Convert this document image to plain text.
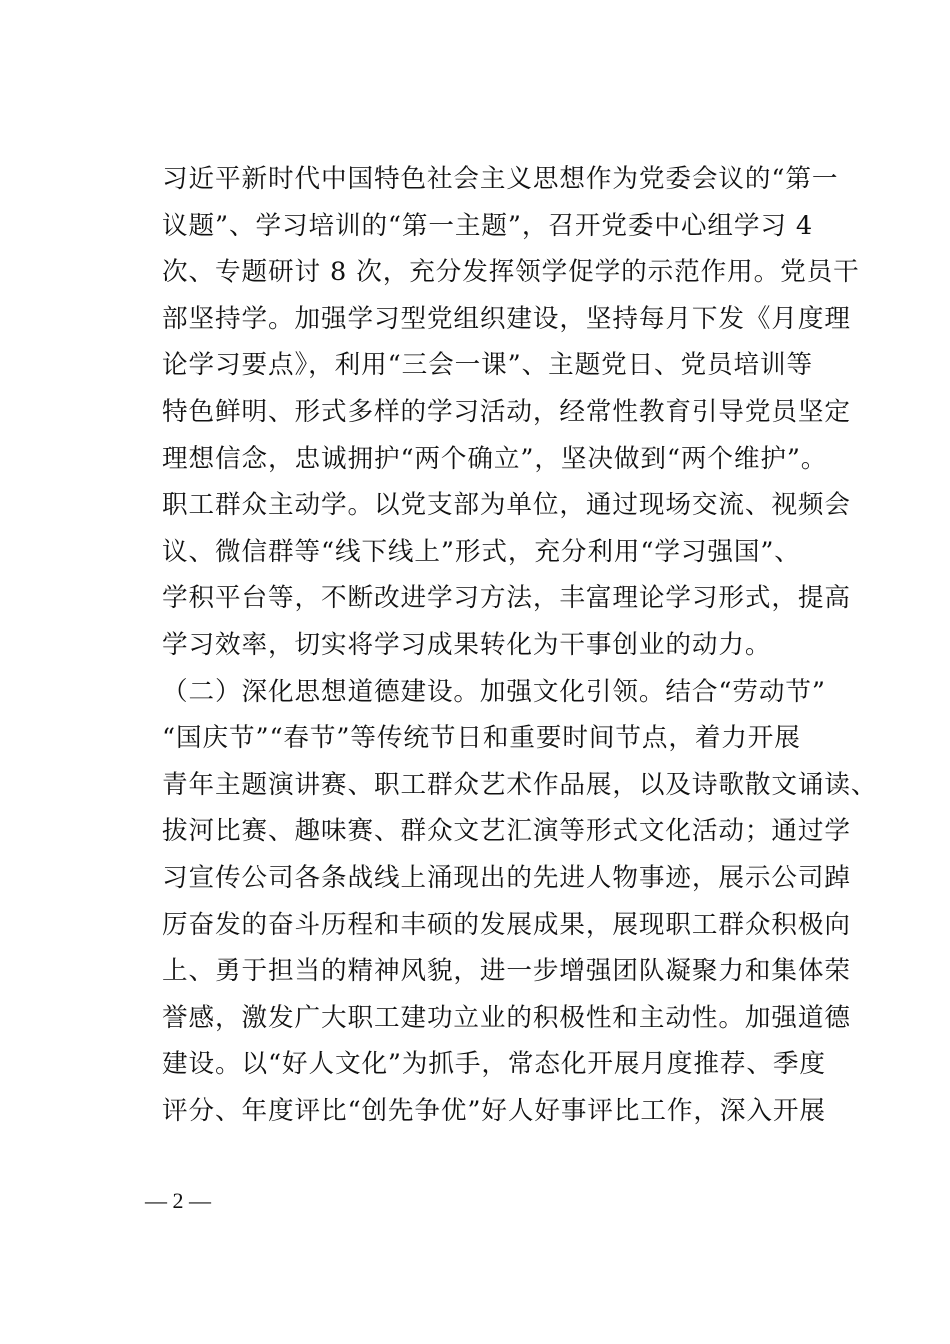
习近平新时代中国特色社会主义思想作为党委会议的“第一
议题”、学习培训的“第一主题”，召开党委中心组学习 4
次、专题研讨 8 次，充分发挥领学促学的示范作用。党员干
部坚持学。加强学习型党组织建设，坚持每月下发《月度理
论学习要点》，利用“三会一课”、主题党日、党员培训等
特色鲜明、形式多样的学习活动，经常性教育引导党员坚定
理想信念，忠诚拥护“两个确立”，坚决做到“两个维护”。
职工群众主动学。以党支部为单位，通过现场交流、视频会
议、微信群等“线下线上”形式，充分利用“学习强国”、
学积平台等，不断改进学习方法，丰富理论学习形式，提高
学习效率，切实将学习成果转化为干事创业的动力。
（二）深化思想道德建设。加强文化引领。结合“劳动节”
“国庆节”“春节”等传统节日和重要时间节点，着力开展
青年主题演讲赛、职工群众艺术作品展，以及诗歌散文诵读、
拔河比赛、趣味赛、群众文艺汇演等形式文化活动；通过学
习宣传公司各条战线上涌现出的先进人物事迹，展示公司踔
厉奋发的奋斗历程和丰硕的发展成果，展现职工群众积极向
上、勇于担当的精神风貌，进一步增强团队凝聚力和集体荣
誉感，激发广大职工建功立业的积极性和主动性。加强道德
建设。以“好人文化”为抓手，常态化开展月度推荐、季度
评分、年度评比“创先争优”好人好事评比工作，深入开展
— 2 —
